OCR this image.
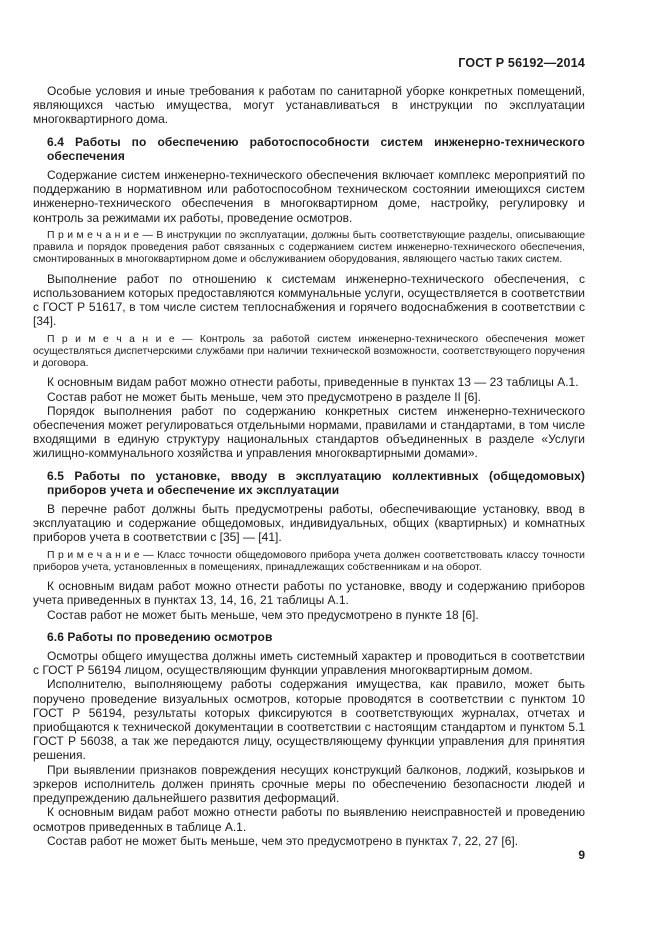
ГОСТ Р 56192—2014

Особые условия и иные требования к работам по санитарной уборке конкретных помещений, являющихся частью имущества, могут устанавливаться в инструкции по эксплуатации многоквартирного дома.

6.4 Работы по обеспечению работоспособности систем инженерно-технического обеспечения

Содержание систем инженерно-технического обеспечения включает комплекс мероприятий по поддержанию в нормативном или работоспособном техническом состоянии имеющихся систем инженерно-технического обеспечения в многоквартирном доме, настройку, регулировку и контроль за режимами их работы, проведение осмотров.

П р и м е ч а н и е — В инструкции по эксплуатации, должны быть соответствующие разделы, описывающие правила и порядок проведения работ связанных с содержанием систем инженерно-технического обеспечения, смонтированных в многоквартирном доме и обслуживанием оборудования, являющего частью таких систем.

Выполнение работ по отношению к системам инженерно-технического обеспечения, с использованием которых предоставляются коммунальные услуги, осуществляется в соответствии с ГОСТ Р 51617, в том числе систем теплоснабжения и горячего водоснабжения в соответствии с [34].

П р и м е ч а н и е — Контроль за работой систем инженерно-технического обеспечения может осуществляться диспетчерскими службами при наличии технической возможности, соответствующего поручения и договора.

К основным видам работ можно отнести работы, приведенные в пунктах 13 — 23 таблицы А.1.

Состав работ не может быть меньше, чем это предусмотрено в разделе II [6].

Порядок выполнения работ по содержанию конкретных систем инженерно-технического обеспечения может регулироваться отдельными нормами, правилами и стандартами, в том числе входящими в единую структуру национальных стандартов объединенных в разделе «Услуги жилищно-коммунального хозяйства и управления многоквартирными домами».

6.5 Работы по установке, вводу в эксплуатацию коллективных (общедомовых) приборов учета и обеспечение их эксплуатации

В перечне работ должны быть предусмотрены работы, обеспечивающие установку, ввод в эксплуатацию и содержание общедомовых, индивидуальных, общих (квартирных) и комнатных приборов учета в соответствии с [35] — [41].

П р и м е ч а н и е — Класс точности общедомового прибора учета должен соответствовать классу точности приборов учета, установленных в помещениях, принадлежащих собственникам и на оборот.

К основным видам работ можно отнести работы по установке, вводу и содержанию приборов учета приведенных в пунктах 13, 14, 16, 21 таблицы А.1.

Состав работ не может быть меньше, чем это предусмотрено в пункте 18 [6].

6.6 Работы по проведению осмотров

Осмотры общего имущества должны иметь системный характер и проводиться в соответствии с ГОСТ Р 56194 лицом, осуществляющим функции управления многоквартирным домом.

Исполнителю, выполняющему работы содержания имущества, как правило, может быть поручено проведение визуальных осмотров, которые проводятся в соответствии с пунктом 10 ГОСТ Р 56194, результаты которых фиксируются в соответствующих журналах, отчетах и приобщаются к технической документации в соответствии с настоящим стандартом и пунктом 5.1 ГОСТ Р 56038, а так же передаются лицу, осуществляющему функции управления для принятия решения.

При выявлении признаков повреждения несущих конструкций балконов, лоджий, козырьков и эркеров исполнитель должен принять срочные меры по обеспечению безопасности людей и предупреждению дальнейшего развития деформаций.

К основным видам работ можно отнести работы по выявлению неисправностей и проведению осмотров приведенных в таблице А.1.

Состав работ не может быть меньше, чем это предусмотрено в пунктах 7, 22, 27 [6].

9
